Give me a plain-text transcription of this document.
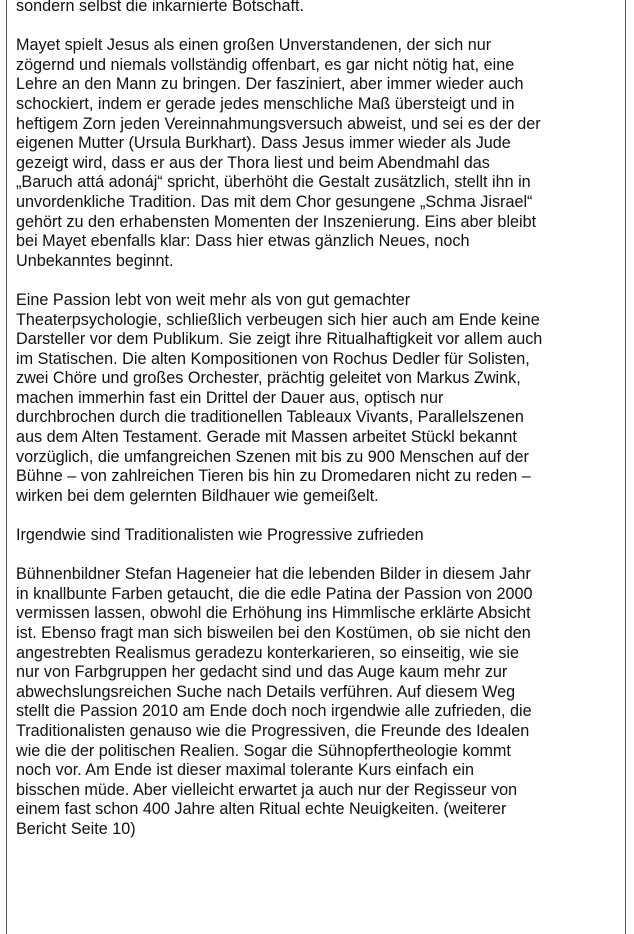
sondern selbst die inkarnierte Botschaft.
Mayet spielt Jesus als einen großen Unverstandenen, der sich nur
zögernd und niemals vollständig offenbart, es gar nicht nötig hat, eine
Lehre an den Mann zu bringen. Der fasziniert, aber immer wieder auch
schockiert, indem er gerade jedes menschliche Maß übersteigt und in
heftigem Zorn jeden Vereinnahmungsversuch abweist, und sei es der der
eigenen Mutter (Ursula Burkhart). Dass Jesus immer wieder als Jude
gezeigt wird, dass er aus der Thora liest und beim Abendmahl das
„Baruch attá adonáj“ spricht, überhöht die Gestalt zusätzlich, stellt ihn in
unvordenkliche Tradition. Das mit dem Chor gesungene „Schma Jisrael“
gehört zu den erhabensten Momenten der Inszenierung. Eins aber bleibt
bei Mayet ebenfalls klar: Dass hier etwas gänzlich Neues, noch
Unbekanntes beginnt.
Eine Passion lebt von weit mehr als von gut gemachter
Theaterpsychologie, schließlich verbeugen sich hier auch am Ende keine
Darsteller vor dem Publikum. Sie zeigt ihre Ritualhaftigkeit vor allem auch
im Statischen. Die alten Kompositionen von Rochus Dedler für Solisten,
zwei Chöre und großes Orchester, prächtig geleitet von Markus Zwink,
machen immerhin fast ein Drittel der Dauer aus, optisch nur
durchbrochen durch die traditionellen Tableaux Vivants, Parallelszenen
aus dem Alten Testament. Gerade mit Massen arbeitet Stückl bekannt
vorzüglich, die umfangreichen Szenen mit bis zu 900 Menschen auf der
Bühne – von zahlreichen Tieren bis hin zu Dromedaren nicht zu reden –
wirken bei dem gelernten Bildhauer wie gemeißelt.
Irgendwie sind Traditionalisten wie Progressive zufrieden
Bühnenbildner Stefan Hageneier hat die lebenden Bilder in diesem Jahr
in knallbunte Farben getaucht, die die edle Patina der Passion von 2000
vermissen lassen, obwohl die Erhöhung ins Himmlische erklärte Absicht
ist. Ebenso fragt man sich bisweilen bei den Kostümen, ob sie nicht den
angestrebten Realismus geradezu konterkarieren, so einseitig, wie sie
nur von Farbgruppen her gedacht sind und das Auge kaum mehr zur
abwechslungsreichen Suche nach Details verführen. Auf diesem Weg
stellt die Passion 2010 am Ende doch noch irgendwie alle zufrieden, die
Traditionalisten genauso wie die Progressiven, die Freunde des Idealen
wie die der politischen Realien. Sogar die Sühnopfertheologie kommt
noch vor. Am Ende ist dieser maximal tolerante Kurs einfach ein
bisschen müde. Aber vielleicht erwartet ja auch nur der Regisseur von
einem fast schon 400 Jahre alten Ritual echte Neuigkeiten. (weiterer
Bericht Seite 10)
